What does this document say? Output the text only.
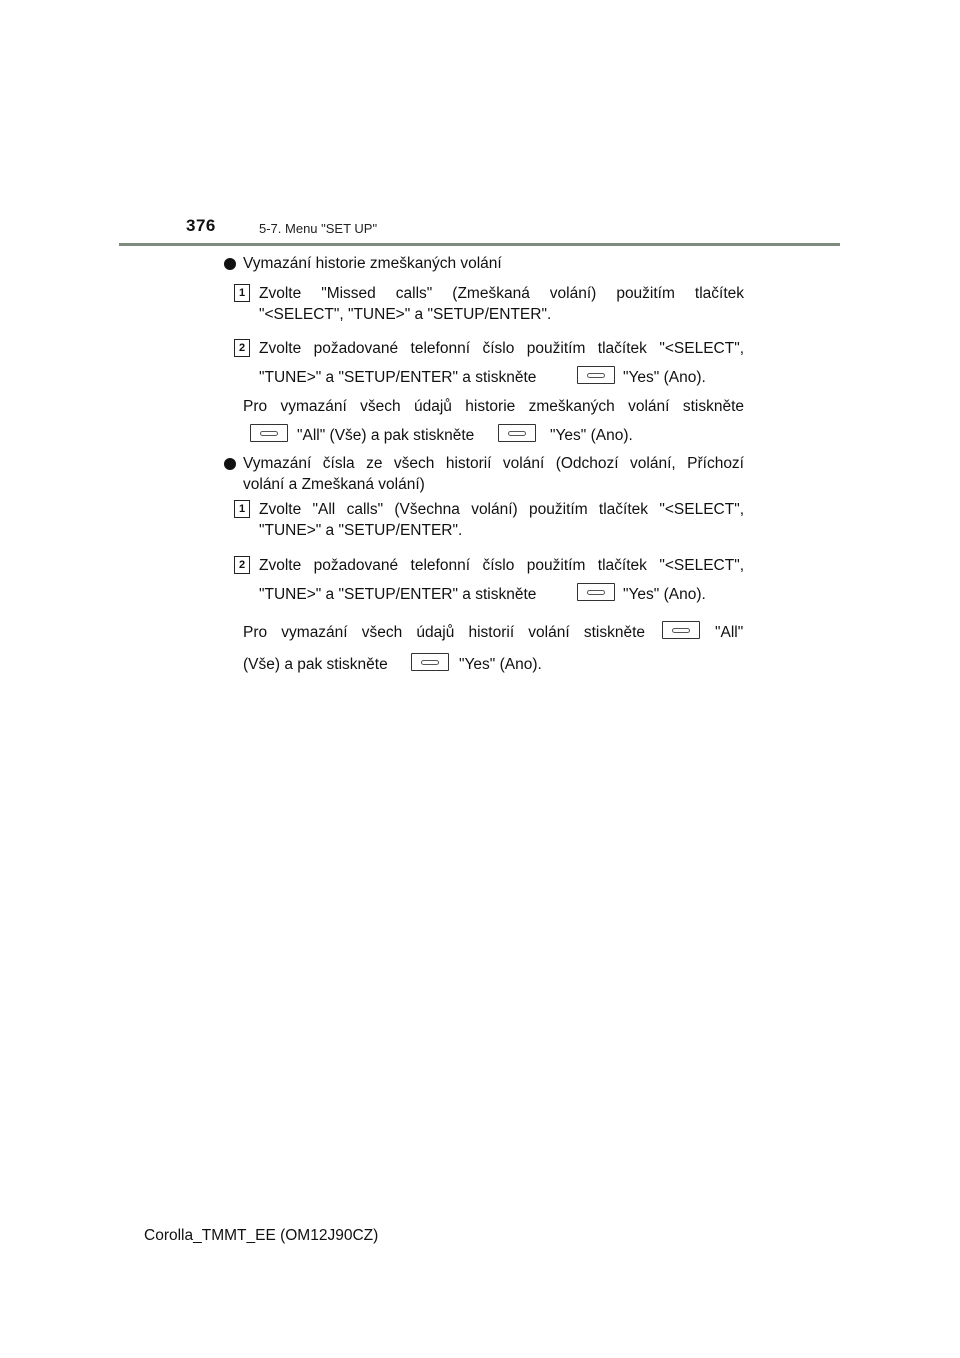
376	5-7. Menu "SET UP"
Vymazání historie zmeškaných volání
1 Zvolte "Missed calls" (Zmeškaná volání) použitím tlačítek
"<SELECT", "TUNE>" a "SETUP/ENTER".
2 Zvolte požadované telefonní číslo použitím tlačítek "<SELECT",
"TUNE>" a "SETUP/ENTER" a stiskněte	"Yes" (Ano).
Pro vymazání všech údajů historie zmeškaných volání stiskněte
"All" (Vše) a pak stiskněte	"Yes" (Ano).
Vymazání čísla ze všech historií volání (Odchozí volání, Příchozí
volání a Zmeškaná volání)
1 Zvolte "All calls" (Všechna volání) použitím tlačítek "<SELECT",
"TUNE>" a "SETUP/ENTER".
2 Zvolte požadované telefonní číslo použitím tlačítek "<SELECT",
"TUNE>" a "SETUP/ENTER" a stiskněte	"Yes" (Ano).
Pro vymazání všech údajů historií volání stiskněte	"All"
(Vše) a pak stiskněte	"Yes" (Ano).
Corolla_TMMT_EE (OM12J90CZ)
